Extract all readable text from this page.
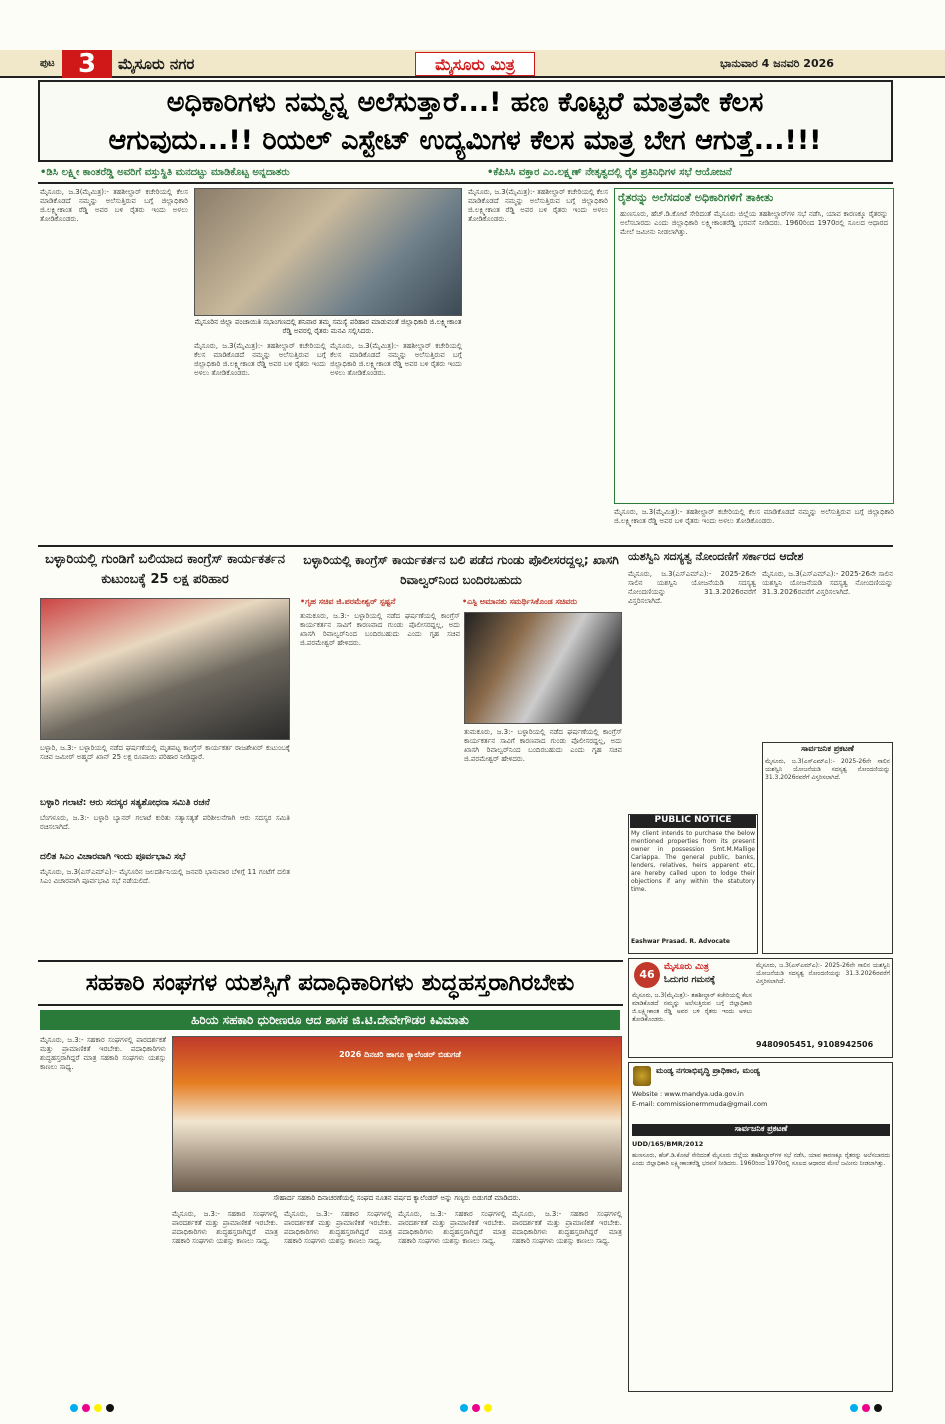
ಪುಟ 3	ಮೈಸೂರು ನಗರ	ಮೈಸೂರು ಮಿತ್ರ	ಭಾನುವಾರ 4 ಜನವರಿ 2026
ಅಧಿಕಾರಿಗಳು ನಮ್ಮನ್ನ ಅಲೆಸುತ್ತಾರೆ...! ಹಣ ಕೊಟ್ಟರೆ ಮಾತ್ರವೇ ಕೆಲಸ
ಆಗುವುದು...!! ರಿಯಲ್ ಎಸ್ಟೇಟ್ ಉದ್ಯಮಿಗಳ ಕೆಲಸ ಮಾತ್ರ ಬೇಗ ಆಗುತ್ತೆ...!!!
•ಡಿಸಿ ಲಕ್ಷ್ಮೀ ಕಾಂತರೆಡ್ಡಿ ಅವರಿಗೆ ವಸ್ತುಸ್ಥಿತಿ ಮನದಟ್ಟು ಮಾಡಿಕೊಟ್ಟ ಅನ್ನದಾತರು	•ಕೆಪಿಸಿಸಿ ವಕ್ತಾರ ಎಂ.ಲಕ್ಷ್ಮಣ್ ನೇತೃತ್ವದಲ್ಲಿ ರೈತ ಪ್ರತಿನಿಧಿಗಳ ಸಭೆ ಆಯೋಜನೆ
ಮೈಸೂರು, ಜ.3(ಮೈಮಿತ್ರ):- ತಹಶೀಲ್ದಾರ್ ಕಚೇರಿಯಲ್ಲಿ ಕೆಲಸ ಮಾಡಿಕೊಡದೆ ನಮ್ಮನ್ನು ಅಲೆಸುತ್ತಿರುವ ಬಗ್ಗೆ ಜಿಲ್ಲಾಧಿಕಾರಿ ಜಿ.ಲಕ್ಷ್ಮೀಕಾಂತ ರೆಡ್ಡಿ ಅವರ ಬಳಿ ರೈತರು ಇಂದು ಅಳಲು ತೋಡಿಕೊಂಡರು.
ಮೈಸೂರಿನ ಜಿಲ್ಲಾ ಪಂಚಾಯಿತಿ ಸಭಾಂಗಣದಲ್ಲಿ ಶನಿವಾರ ತಮ್ಮ ಸಮಸ್ಯೆ ಪರಿಹಾರ ಮಾಡುವಂತೆ ಜಿಲ್ಲಾಧಿಕಾರಿ ಜಿ.ಲಕ್ಷ್ಮೀಕಾಂತ ರೆಡ್ಡಿ ಅವರಲ್ಲಿ ರೈತರು ಮನವಿ ಸಲ್ಲಿಸಿದರು.
ಮೈಸೂರು, ಜ.3(ಮೈಮಿತ್ರ):- ತಹಶೀಲ್ದಾರ್ ಕಚೇರಿಯಲ್ಲಿ ಕೆಲಸ ಮಾಡಿಕೊಡದೆ ನಮ್ಮನ್ನು ಅಲೆಸುತ್ತಿರುವ ಬಗ್ಗೆ ಜಿಲ್ಲಾಧಿಕಾರಿ ಜಿ.ಲಕ್ಷ್ಮೀಕಾಂತ ರೆಡ್ಡಿ ಅವರ ಬಳಿ ರೈತರು ಇಂದು ಅಳಲು ತೋಡಿಕೊಂಡರು.
ಮೈಸೂರು, ಜ.3(ಮೈಮಿತ್ರ):- ತಹಶೀಲ್ದಾರ್ ಕಚೇರಿಯಲ್ಲಿ ಕೆಲಸ ಮಾಡಿಕೊಡದೆ ನಮ್ಮನ್ನು ಅಲೆಸುತ್ತಿರುವ ಬಗ್ಗೆ ಜಿಲ್ಲಾಧಿಕಾರಿ ಜಿ.ಲಕ್ಷ್ಮೀಕಾಂತ ರೆಡ್ಡಿ ಅವರ ಬಳಿ ರೈತರು ಇಂದು ಅಳಲು ತೋಡಿಕೊಂಡರು.
ಮೈಸೂರು, ಜ.3(ಮೈಮಿತ್ರ):- ತಹಶೀಲ್ದಾರ್ ಕಚೇರಿಯಲ್ಲಿ ಕೆಲಸ ಮಾಡಿಕೊಡದೆ ನಮ್ಮನ್ನು ಅಲೆಸುತ್ತಿರುವ ಬಗ್ಗೆ ಜಿಲ್ಲಾಧಿಕಾರಿ ಜಿ.ಲಕ್ಷ್ಮೀಕಾಂತ ರೆಡ್ಡಿ ಅವರ ಬಳಿ ರೈತರು ಇಂದು ಅಳಲು ತೋಡಿಕೊಂಡರು.
ರೈತರನ್ನು ಅಲೆಸದಂತೆ ಅಧಿಕಾರಿಗಳಿಗೆ ತಾಕೀತು
ಹುಣಸೂರು, ಹೆಚ್.ಡಿ.ಕೋಟೆ ಸೇರಿದಂತೆ ಮೈಸೂರು ಜಿಲ್ಲೆಯ ತಹಶೀಲ್ದಾರ್‌ಗಳ ಸಭೆ ನಡೆಸಿ, ಯಾವ ಕಾರಣಕ್ಕೂ ರೈತರನ್ನು ಅಲೆಸಬಾರದು ಎಂದು ಜಿಲ್ಲಾಧಿಕಾರಿ ಲಕ್ಷ್ಮೀಕಾಂತರೆಡ್ಡಿ ಭರವಸೆ ನೀಡಿದರು. 1960ರಿಂದ 1970ರಲ್ಲಿ ಸೂಲದ ಆಧಾರದ ಮೇಲೆ ಜಮೀನು ನೀಡಲಾಗಿತ್ತು.
ಮೈಸೂರು, ಜ.3(ಮೈಮಿತ್ರ):- ತಹಶೀಲ್ದಾರ್ ಕಚೇರಿಯಲ್ಲಿ ಕೆಲಸ ಮಾಡಿಕೊಡದೆ ನಮ್ಮನ್ನು ಅಲೆಸುತ್ತಿರುವ ಬಗ್ಗೆ ಜಿಲ್ಲಾಧಿಕಾರಿ ಜಿ.ಲಕ್ಷ್ಮೀಕಾಂತ ರೆಡ್ಡಿ ಅವರ ಬಳಿ ರೈತರು ಇಂದು ಅಳಲು ತೋಡಿಕೊಂಡರು.
ಬಳ್ಳಾರಿಯಲ್ಲಿ ಗುಂಡಿಗೆ ಬಲಿಯಾದ ಕಾಂಗ್ರೆಸ್ ಕಾರ್ಯಕರ್ತನ ಕುಟುಂಬಕ್ಕೆ 25 ಲಕ್ಷ ಪರಿಹಾರ
ಬಳ್ಳಾರಿ, ಜ.3:- ಬಳ್ಳಾರಿಯಲ್ಲಿ ನಡೆದ ಘರ್ಷಣೆಯಲ್ಲಿ ಮೃತಪಟ್ಟ ಕಾಂಗ್ರೆಸ್ ಕಾರ್ಯಕರ್ತ ರಾಜಶೇಖರ್ ಕುಟುಂಬಕ್ಕೆ ಸಚಿವ ಜಮೀರ್ ಅಹ್ಮದ್ ಖಾನ್ 25 ಲಕ್ಷ ರೂಪಾಯಿ ಪರಿಹಾರ ನೀಡಿದ್ದಾರೆ.
ಬಳ್ಳಾರಿ ಗಲಾಟೆ: ಆರು ಸದಸ್ಯರ ಸತ್ಯಶೋಧನಾ ಸಮಿತಿ ರಚನೆ
ಬೆಂಗಳೂರು, ಜ.3:- ಬಳ್ಳಾರಿ ಬ್ಯಾನರ್ ಗಲಾಟೆ ಕುರಿತು ಸತ್ಯಾಸತ್ಯತೆ ಪರಿಶೀಲನೆಗಾಗಿ ಆರು ಸದಸ್ಯರ ಸಮಿತಿ ರಚಿಸಲಾಗಿದೆ.
ದಲಿತ ಸಿಎಂ ವಿಚಾರವಾಗಿ ಇಂದು ಪೂರ್ವಭಾವಿ ಸಭೆ
ಮೈಸೂರು, ಜ.3(ಎಸ್‌ಎಮ್‌ಎ):- ಮೈಸೂರಿನ ಜಲದರ್ಶಿನಿಯಲ್ಲಿ ಜನವರಿ ಭಾನುವಾರ ಬೆಳಿಗ್ಗೆ 11 ಗಂಟೆಗೆ ದಲಿತ ಸಿಎಂ ವಿಚಾರವಾಗಿ ಪೂರ್ವಭಾವಿ ಸಭೆ ನಡೆಯಲಿದೆ.
ಬಳ್ಳಾರಿಯಲ್ಲಿ ಕಾಂಗ್ರೆಸ್ ಕಾರ್ಯಕರ್ತನ ಬಲಿ ಪಡೆದ ಗುಂಡು ಪೊಲೀಸರದ್ದಲ್ಲ; ಖಾಸಗಿ ರಿವಾಲ್ವರ್‌ನಿಂದ ಬಂದಿರಬಹುದು
•ಗೃಹ ಸಚಿವ ಜಿ.ಪರಮೇಶ್ವರ್ ಸ್ಪಷ್ಟನೆ	•ಎಸ್ಪಿ ಅಮಾನತು ಸಮರ್ಥಿಸಿಕೊಂಡ ಸಚಿವರು
ತುಮಕೂರು, ಜ.3:- ಬಳ್ಳಾರಿಯಲ್ಲಿ ನಡೆದ ಘರ್ಷಣೆಯಲ್ಲಿ ಕಾಂಗ್ರೆಸ್ ಕಾರ್ಯಕರ್ತನ ಸಾವಿಗೆ ಕಾರಣವಾದ ಗುಂಡು ಪೊಲೀಸರದ್ದಲ್ಲ, ಅದು ಖಾಸಗಿ ರಿವಾಲ್ವರ್‌ನಿಂದ ಬಂದಿರಬಹುದು ಎಂದು ಗೃಹ ಸಚಿವ ಜಿ.ಪರಮೇಶ್ವರ್ ಹೇಳಿದರು.
ತುಮಕೂರು, ಜ.3:- ಬಳ್ಳಾರಿಯಲ್ಲಿ ನಡೆದ ಘರ್ಷಣೆಯಲ್ಲಿ ಕಾಂಗ್ರೆಸ್ ಕಾರ್ಯಕರ್ತನ ಸಾವಿಗೆ ಕಾರಣವಾದ ಗುಂಡು ಪೊಲೀಸರದ್ದಲ್ಲ, ಅದು ಖಾಸಗಿ ರಿವಾಲ್ವರ್‌ನಿಂದ ಬಂದಿರಬಹುದು ಎಂದು ಗೃಹ ಸಚಿವ ಜಿ.ಪರಮೇಶ್ವರ್ ಹೇಳಿದರು.
ಯಶಸ್ವಿನಿ ಸದಸ್ಯತ್ವ ನೋಂದಣಿಗೆ ಸರ್ಕಾರದ ಆದೇಶ
ಮೈಸೂರು, ಜ.3(ಎಸ್‌ಎಮ್‌ಎ):- 2025-26ನೇ ಸಾಲಿನ ಯಶಸ್ವಿನಿ ಯೋಜನೆಯಡಿ ಸದಸ್ಯತ್ವ ನೋಂದಣಿಯನ್ನು 31.3.2026ರವರೆಗೆ ವಿಸ್ತರಿಸಲಾಗಿದೆ.
ಮೈಸೂರು, ಜ.3(ಎಸ್‌ಎಮ್‌ಎ):- 2025-26ನೇ ಸಾಲಿನ ಯಶಸ್ವಿನಿ ಯೋಜನೆಯಡಿ ಸದಸ್ಯತ್ವ ನೋಂದಣಿಯನ್ನು 31.3.2026ರವರೆಗೆ ವಿಸ್ತರಿಸಲಾಗಿದೆ.
ಸಾರ್ವಜನಿಕ ಪ್ರಕಟಣೆ
ಮೈಸೂರು, ಜ.3(ಎಸ್‌ಎಮ್‌ಎ):- 2025-26ನೇ ಸಾಲಿನ ಯಶಸ್ವಿನಿ ಯೋಜನೆಯಡಿ ಸದಸ್ಯತ್ವ ನೋಂದಣಿಯನ್ನು 31.3.2026ರವರೆಗೆ ವಿಸ್ತರಿಸಲಾಗಿದೆ.
PUBLIC NOTICE
My client intends to purchase the below mentioned properties from its present owner in possession Smt.M.Mallige Cariappa. The general public, banks, lenders, relatives, heirs apparent etc, are hereby called upon to lodge their objections if any within the statutory time.
Eashwar Prasad. R. Advocate
46
ಮೈಸೂರು ಮಿತ್ರ
ಓದುಗರ ಗಮನಕ್ಕೆ
ಮೈಸೂರು, ಜ.3(ಮೈಮಿತ್ರ):- ತಹಶೀಲ್ದಾರ್ ಕಚೇರಿಯಲ್ಲಿ ಕೆಲಸ ಮಾಡಿಕೊಡದೆ ನಮ್ಮನ್ನು ಅಲೆಸುತ್ತಿರುವ ಬಗ್ಗೆ ಜಿಲ್ಲಾಧಿಕಾರಿ ಜಿ.ಲಕ್ಷ್ಮೀಕಾಂತ ರೆಡ್ಡಿ ಅವರ ಬಳಿ ರೈತರು ಇಂದು ಅಳಲು ತೋಡಿಕೊಂಡರು.
ಮೈಸೂರು, ಜ.3(ಎಸ್‌ಎಮ್‌ಎ):- 2025-26ನೇ ಸಾಲಿನ ಯಶಸ್ವಿನಿ ಯೋಜನೆಯಡಿ ಸದಸ್ಯತ್ವ ನೋಂದಣಿಯನ್ನು 31.3.2026ರವರೆಗೆ ವಿಸ್ತರಿಸಲಾಗಿದೆ.
9480905451, 9108942506
ಮಂಡ್ಯ ನಗರಾಭಿವೃದ್ಧಿ ಪ್ರಾಧಿಕಾರ, ಮಂಡ್ಯ
Website : www.mandya.uda.gov.in
E-mail: commissionermmuda@gmail.com
ಸಾರ್ವಜನಿಕ ಪ್ರಕಟಣೆ
UDD/165/BMR/2012
ಹುಣಸೂರು, ಹೆಚ್.ಡಿ.ಕೋಟೆ ಸೇರಿದಂತೆ ಮೈಸೂರು ಜಿಲ್ಲೆಯ ತಹಶೀಲ್ದಾರ್‌ಗಳ ಸಭೆ ನಡೆಸಿ, ಯಾವ ಕಾರಣಕ್ಕೂ ರೈತರನ್ನು ಅಲೆಸಬಾರದು ಎಂದು ಜಿಲ್ಲಾಧಿಕಾರಿ ಲಕ್ಷ್ಮೀಕಾಂತರೆಡ್ಡಿ ಭರವಸೆ ನೀಡಿದರು. 1960ರಿಂದ 1970ರಲ್ಲಿ ಸೂಲದ ಆಧಾರದ ಮೇಲೆ ಜಮೀನು ನೀಡಲಾಗಿತ್ತು.
ಸಹಕಾರಿ ಸಂಘಗಳ ಯಶಸ್ಸಿಗೆ ಪದಾಧಿಕಾರಿಗಳು ಶುದ್ಧಹಸ್ತರಾಗಿರಬೇಕು
ಹಿರಿಯ ಸಹಕಾರಿ ಧುರೀಣರೂ ಆದ ಶಾಸಕ ಜಿ.ಟಿ.ದೇವೇಗೌಡರ ಕಿವಿಮಾತು
ಮೈಸೂರು, ಜ.3:- ಸಹಕಾರ ಸಂಘಗಳಲ್ಲಿ ಪಾರದರ್ಶಕತೆ ಮತ್ತು ಪ್ರಾಮಾಣಿಕತೆ ಇರಬೇಕು. ಪದಾಧಿಕಾರಿಗಳು ಶುದ್ಧಹಸ್ತರಾಗಿದ್ದರೆ ಮಾತ್ರ ಸಹಕಾರಿ ಸಂಘಗಳು ಯಶಸ್ಸು ಕಾಣಲು ಸಾಧ್ಯ.
2026 ದಿನಚರಿ ಹಾಗೂ ಕ್ಯಾಲೆಂಡರ್ ಬಿಡುಗಡೆ
ಸೌಹಾರ್ದ ಸಹಕಾರಿ ದಿನಾಚರಣೆಯಲ್ಲಿ ಸಂಘದ ನೂತನ ವರ್ಷದ ಕ್ಯಾಲೆಂಡರ್ ಅನ್ನು ಗಣ್ಯರು ಬಿಡುಗಡೆ ಮಾಡಿದರು.
ಮೈಸೂರು, ಜ.3:- ಸಹಕಾರ ಸಂಘಗಳಲ್ಲಿ ಪಾರದರ್ಶಕತೆ ಮತ್ತು ಪ್ರಾಮಾಣಿಕತೆ ಇರಬೇಕು. ಪದಾಧಿಕಾರಿಗಳು ಶುದ್ಧಹಸ್ತರಾಗಿದ್ದರೆ ಮಾತ್ರ ಸಹಕಾರಿ ಸಂಘಗಳು ಯಶಸ್ಸು ಕಾಣಲು ಸಾಧ್ಯ.
ಮೈಸೂರು, ಜ.3:- ಸಹಕಾರ ಸಂಘಗಳಲ್ಲಿ ಪಾರದರ್ಶಕತೆ ಮತ್ತು ಪ್ರಾಮಾಣಿಕತೆ ಇರಬೇಕು. ಪದಾಧಿಕಾರಿಗಳು ಶುದ್ಧಹಸ್ತರಾಗಿದ್ದರೆ ಮಾತ್ರ ಸಹಕಾರಿ ಸಂಘಗಳು ಯಶಸ್ಸು ಕಾಣಲು ಸಾಧ್ಯ.
ಮೈಸೂರು, ಜ.3:- ಸಹಕಾರ ಸಂಘಗಳಲ್ಲಿ ಪಾರದರ್ಶಕತೆ ಮತ್ತು ಪ್ರಾಮಾಣಿಕತೆ ಇರಬೇಕು. ಪದಾಧಿಕಾರಿಗಳು ಶುದ್ಧಹಸ್ತರಾಗಿದ್ದರೆ ಮಾತ್ರ ಸಹಕಾರಿ ಸಂಘಗಳು ಯಶಸ್ಸು ಕಾಣಲು ಸಾಧ್ಯ.
ಮೈಸೂರು, ಜ.3:- ಸಹಕಾರ ಸಂಘಗಳಲ್ಲಿ ಪಾರದರ್ಶಕತೆ ಮತ್ತು ಪ್ರಾಮಾಣಿಕತೆ ಇರಬೇಕು. ಪದಾಧಿಕಾರಿಗಳು ಶುದ್ಧಹಸ್ತರಾಗಿದ್ದರೆ ಮಾತ್ರ ಸಹಕಾರಿ ಸಂಘಗಳು ಯಶಸ್ಸು ಕಾಣಲು ಸಾಧ್ಯ.
